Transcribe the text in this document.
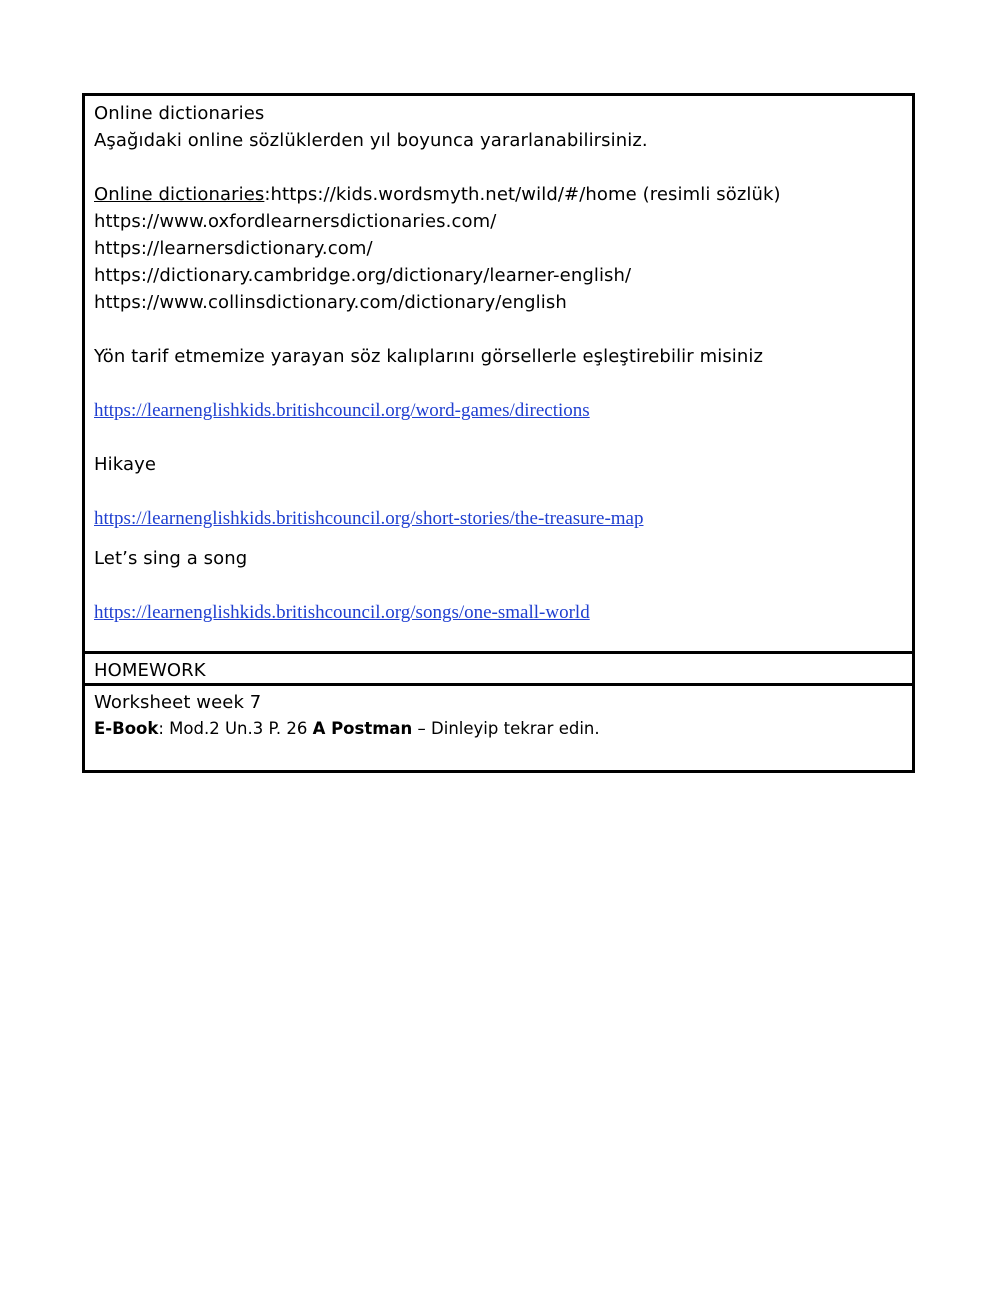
Online dictionaries
Aşağıdaki online sözlüklerden yıl boyunca yararlanabilirsiniz.
Online dictionaries:https://kids.wordsmyth.net/wild/#/home (resimli sözlük)
https://www.oxfordlearnersdictionaries.com/
https://learnersdictionary.com/
https://dictionary.cambridge.org/dictionary/learner-english/
https://www.collinsdictionary.com/dictionary/english
Yön tarif etmemize yarayan söz kalıplarını görsellerle eşleştirebilir misiniz
https://learnenglishkids.britishcouncil.org/word-games/directions
Hikaye
https://learnenglishkids.britishcouncil.org/short-stories/the-treasure-map
Let’s sing a song
https://learnenglishkids.britishcouncil.org/songs/one-small-world
HOMEWORK
Worksheet week 7
E-Book: Mod.2 Un.3 P. 26 A Postman – Dinleyip tekrar edin.
